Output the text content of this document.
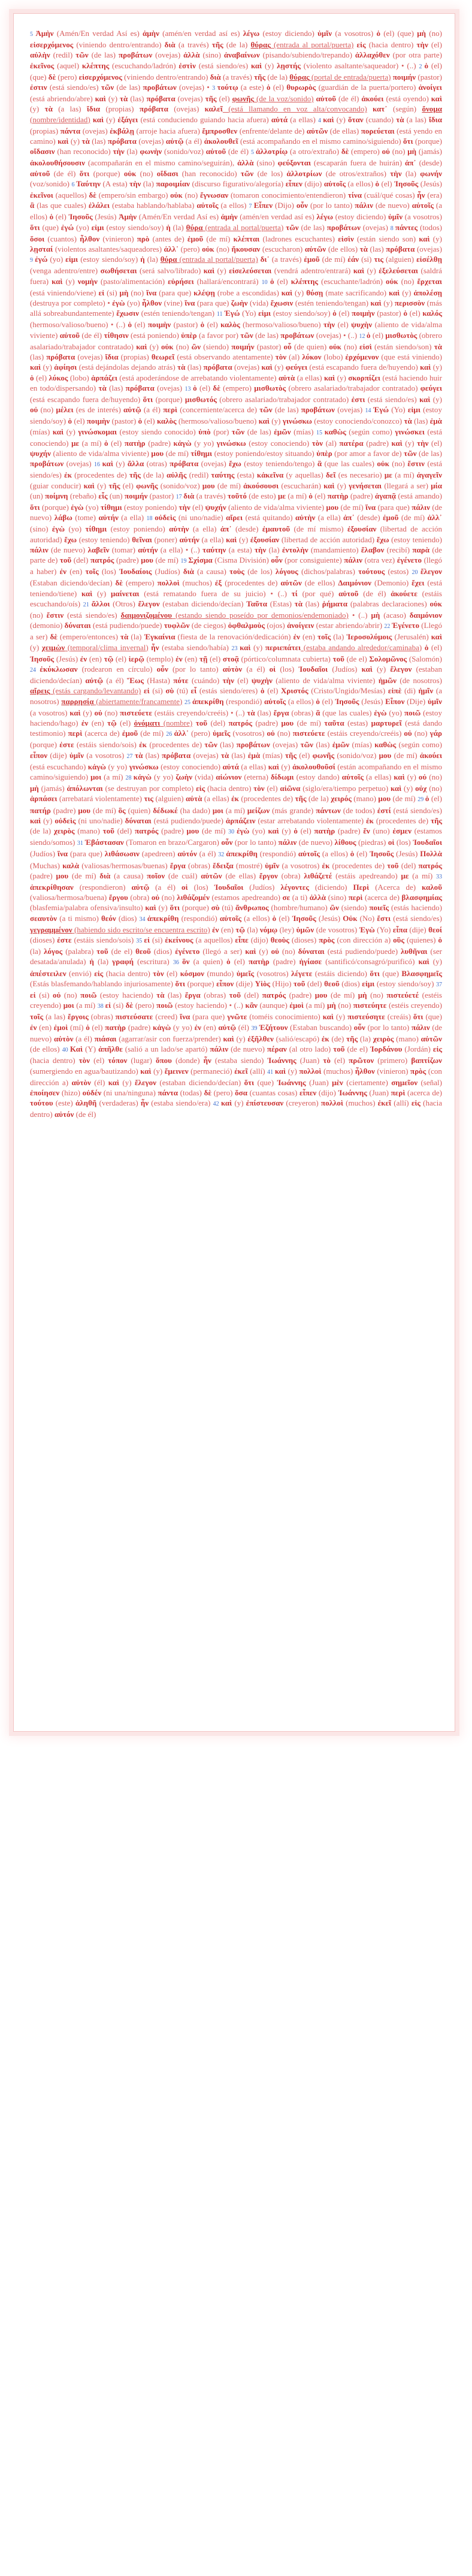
5 Ἀμὴν (Amén/En verdad Así es) ἀμὴν (amén/en verdad así es) λέγω (estoy diciendo) ὑμῖν (a vosotros) ὁ (el) (que) μὴ (no) εἰσερχόμενος (viniendo dentro/entrando) διὰ (a través) τῆς (de la) θύρας (entrada al portal/puerta) εἰς (hacia dentro) τὴν (el) αὐλὴν (redil) τῶν (de las) προβάτων (ovejas) ἀλλὰ (sino) ἀναβαίνων (pisando/subiendo/trepando) ἀλλαχόθεν (por otra parte) ἐκεῖνος (aquel) κλέπτης (escuchando/ladrón) ἐστὶν (está siendo/es) καὶ (y) λῃστής (violento asaltante/saqueador) • (..) 2 ὁ (el) (que) δὲ (pero) εἰσερχόμενος (viniendo dentro/entrando) διὰ (a través) τῆς (de la) θύρας (portal de entrada/puerta) ποιμήν (pastor) ἐστιν (está siendo/es) τῶν (de las) προβάτων (ovejas) • 3 τούτῳ (a este) ὁ (el) θυρωρὸς (guardián de la puerta/portero) ἀνοίγει (está abriendo/abre) καὶ (y) τὰ (las) πρόβατα (ovejas) τῆς (el) φωνῆς (de la voz/sonido) αὐτοῦ (de él) ἀκούει (está oyendo) καὶ (y) τὰ (a las) ἴδια (propias) πρόβατα (ovejas) καλεῖ (está llamando en voz alta/convocando) κατ᾽ (según) ὄνομα (nombre/identidad) καὶ (y) ἐξάγει (está conduciendo guiando hacia afuera) αὐτά (a ellas) 4 καὶ (y) ὅταν (cuando) τὰ (a las) ἴδια (propias) πάντα (ovejas) ἐκβάλῃ (arroje hacia afuera) ἔμπροσθεν (enfrente/delante de) αὐτῶν (de ellas) πορεύεται (está yendo en camino) καὶ (y) τὰ (las) πρόβατα (ovejas) αὐτῷ (a él) ἀκολουθεῖ (está acompañando en el mismo camino/siguiendo) ὅτι (porque) οἴδασιν (han reconocido) τὴν (la) φωνὴν (sonido/voz) αὐτοῦ (de él) 5 ἀλλοτρίῳ (a otro/extraño) δὲ (empero) οὐ (no) μὴ (jamás) ἀκολουθήσουσιν (acompañarán en el mismo camino/seguirán), ἀλλὰ (sino) φεύξονται (escaparán fuera de huirán) ἀπ᾽ (desde) αὐτοῦ (de él) ὅτι (porque) οὐκ (no) οἴδασι (han reconocido) τῶν (de los) ἀλλοτρίων (de otros/extraños) τὴν (la) φωνήν (voz/sonido) 6 Ταύτην (A esta) τὴν (la) παροιμίαν (discurso figurativo/alegoría) εἶπεν (dijo) αὐτοῖς (a ellos) ὁ (el) Ἰησοῦς (Jesús) ἐκεῖνοι (aquellos) δὲ (empero/sin embargo) οὐκ (no) ἔγνωσαν (tomaron conocimiento/entendieron) τίνα (cuál/qué cosas) ἦν (era) ἃ (las que cuales) ἐλάλει (estaba hablando/hablaba) αὐτοῖς (a ellos) 7 Εἶπεν (Dijo) οὖν (por lo tanto) πάλιν (de nuevo) αὐτοῖς (a ellos) ὁ (el) Ἰησοῦς (Jesús) Ἀμὴν (Amén/En verdad Así es) ἀμὴν (amén/en verdad así es) λέγω (estoy diciendo) ὑμῖν (a vosotros) ὅτι (que) ἐγώ (yo) εἰμι (estoy siendo/soy) ἡ (la) θύρα (entrada al portal/puerta) τῶν (de las) προβάτων (ovejas) 8 πάντες (todos) ὅσοι (cuantos) ἦλθον (vinieron) πρὸ (antes de) ἐμοῦ (de mí) κλέπται (ladrones escuchantes) εἰσὶν (están siendo son) καὶ (y) λῃσταί (violentos asaltantes/saqueadores) ἀλλ᾽ (pero) οὐκ (no) ἤκουσαν (escucharon) αὐτῶν (de ellos) τὰ (las) πρόβατα (ovejas) 9 ἐγώ (yo) εἰμι (estoy siendo/soy) ἡ (la) θύρα (entrada al portal/puerta) δι᾽ (a través) ἐμοῦ (de mí) ἐάν (si) τις (alguien) εἰσέλθῃ (venga adentro/entre) σωθήσεται (será salvo/librado) καὶ (y) εἰσελεύσεται (vendrá adentro/entrará) καὶ (y) ἐξελεύσεται (saldrá fuera) καὶ (y) νομὴν (pasto/alimentación) εὑρήσει (hallará/encontrará) 10 ὁ (el) κλέπτης (escuchante/ladrón) οὐκ (no) ἔρχεται (está viniendo/viene) εἰ (si) μὴ (no) ἵνα (para que) κλέψῃ (robe a escondidas) καὶ (y) θύσῃ (mate sacrificando) καὶ (y) ἀπολέσῃ (destruya por completo) • ἐγὼ (yo) ἦλθον (vine) ἵνα (para que) ζωὴν (vida) ἔχωσιν (estén teniendo/tengan) καὶ (y) περισσὸν (más allá sobreabundantemente) ἔχωσιν (estén teniendo/tengan) 11 Ἐγώ (Yo) εἰμι (estoy siendo/soy) ὁ (el) ποιμὴν (pastor) ὁ (el) καλός (hermoso/valioso/bueno) • (..) ὁ (el) ποιμὴν (pastor) ὁ (el) καλὸς (hermoso/valioso/bueno) τὴν (el) ψυχὴν (aliento de vida/alma viviente) αὐτοῦ (de él) τίθησιν (está poniendo) ὑπὲρ (a favor por) τῶν (de las) προβάτων (ovejas) • (..) 12 ὁ (el) μισθωτὸς (obrero asalariado/trabajador contratado) καὶ (y) οὐκ (no) ὢν (siendo) ποιμήν (pastor) οὗ (de quien) οὐκ (no) εἰσὶ (están siendo/son) τὰ (las) πρόβατα (ovejas) ἴδια (propias) θεωρεῖ (está observando atentamente) τὸν (al) λύκον (lobo) ἐρχόμενον (que está viniendo) καὶ (y) ἀφίησι (está dejándolas dejando atrás) τὰ (las) πρόβατα (ovejas) καὶ (y) φεύγει (está escapando fuera de/huyendo) καὶ (y) ὁ (el) λύκος (lobo) ἁρπάζει (está apoderándose de arrebatando violentamente) αὐτὰ (a ellas) καὶ (y) σκορπίζει (está haciendo huir en todo/dispersando) τὰ (las) πρόβατα (ovejas) 13 ὁ (el) δὲ (empero) μισθωτὸς (obrero asalariado/trabajador contratado) φεύγει (está escapando fuera de/huyendo) ὅτι (porque) μισθωτός (obrero asalariado/trabajador contratado) ἐστι (está siendo/es) καὶ (y) οὐ (no) μέλει (es de interés) αὐτῷ (a él) περὶ (concerniente/acerca de) τῶν (de las) προβάτων (ovejas) 14 Ἐγώ (Yo) εἰμι (estoy siendo/soy) ὁ (el) ποιμὴν (pastor) ὁ (el) καλὸς (hermoso/valioso/bueno) καὶ (y) γινώσκω (estoy conociendo/conozco) τὰ (las) ἐμὰ (mías) καὶ (y) γινώσκομαι (estoy siendo conocido) ὑπὸ (por) τῶν (de las) ἐμῶν (mías) 15 καθὼς (según como) γινώσκει (está conociendo) με (a mí) ὁ (el) πατὴρ (padre) κἀγὼ (y yo) γινώσκω (estoy conociendo) τὸν (al) πατέρα (padre) καὶ (y) τὴν (el) ψυχήν (aliento de vida/alma viviente) μου (de mí) τίθημι (estoy poniendo/estoy situando) ὑπὲρ (por amor a favor de) τῶν (de las) προβάτων (ovejas) 16 καὶ (y) ἄλλα (otras) πρόβατα (ovejas) ἔχω (estoy teniendo/tengo) ἃ (que las cuales) οὐκ (no) ἔστιν (está siendo/es) ἐκ (procedentes de) τῆς (de la) αὐλῆς (redil) ταύτης (esta) κἀκεῖνα (y aquellas) δεῖ (es necesario) με (a mí) ἀγαγεῖν (guiar conducir) καὶ (y) τῆς (el) φωνῆς (sonido/voz) μου (de mí) ἀκούσουσι (escucharán) καὶ (y) γενήσεται (llegará a ser) μία (un) ποίμνη (rebaño) εἷς (un) ποιμήν (pastor) 17 διὰ (a través) τοῦτό (de esto) με (a mí) ὁ (el) πατὴρ (padre) ἀγαπᾷ (está amando) ὅτι (porque) ἐγὼ (yo) τίθημι (estoy poniendo) τὴν (el) ψυχήν (aliento de vida/alma viviente) μου (de mí) ἵνα (para que) πάλιν (de nuevo) λάβω (tome) αὐτήν (a ella) 18 οὐδεὶς (ni uno/nadie) αἴρει (está quitando) αὐτὴν (a ella) ἀπ᾽ (desde) ἐμοῦ (de mí) ἀλλ᾽ (sino) ἐγὼ (yo) τίθημι (estoy poniendo) αὐτὴν (a ella) ἀπ᾽ (desde) ἐμαυτοῦ (de mí mismo) ἐξουσίαν (libertad de acción autoridad) ἔχω (estoy teniendo) θεῖναι (poner) αὐτήν (a ella) καὶ (y) ἐξουσίαν (libertad de acción autoridad) ἔχω (estoy teniendo) πάλιν (de nuevo) λαβεῖν (tomar) αὐτήν (a ella) • (..) ταύτην (a esta) τὴν (la) ἐντολὴν (mandamiento) ἔλαβον (recibí) παρὰ (de parte de) τοῦ (del) πατρός (padre) μου (de mí) 19 Σχίσμα (Cisma División) οὖν (por consiguiente) πάλιν (otra vez) ἐγένετο (llegó a haber) ἐν (en) τοῖς (los) Ἰουδαίοις (Judíos) διὰ (a causa) τοὺς (de los) λόγους (dichos/palabras) τούτους (estos) 20 ἔλεγον (Estaban diciendo/decían) δὲ (empero) πολλοὶ (muchos) ἐξ (procedentes de) αὐτῶν (de ellos) Δαιμόνιον (Demonio) ἔχει (está teniendo/tiene) καὶ (y) μαίνεται (está rematando fuera de su juicio) • (..) τί (por qué) αὐτοῦ (de él) ἀκούετε (estáis escuchando/oís) 21 ἄλλοι (Otros) ἔλεγον (estaban diciendo/decían) Ταῦτα (Estas) τὰ (las) ῥήματα (palabras declaraciones) οὐκ (no) ἔστιν (está siendo/es) δαιμονιζομένου (estando siendo poseído por demonios/endemoniado) • (..) μὴ (acaso) δαιμόνιον (demonio) δύναται (está pudiendo/puede) τυφλῶν (de ciegos) ὀφθαλμοὺς (ojos) ἀνοίγειν (estar abriendo/abrir) 22 Ἐγένετο (Llegó a ser) δὲ (empero/entonces) τὰ (la) Ἐγκαίνια (fiesta de la renovación/dedicación) ἐν (en) τοῖς (la) Ἱεροσολύμοις (Jerusalén) καὶ (y) χειμὼν (temporal/clima invernal) ἦν (estaba siendo/había) 23 καὶ (y) περιεπάτει (estaba andando alrededor/caminaba) ὁ (el) Ἰησοῦς (Jesús) ἐν (en) τῷ (el) ἱερῷ (templo) ἐν (en) τῇ (el) στοᾷ (pórtico/columnata cubierta) τοῦ (de el) Σολομῶνος (Salomón) 24 ἐκύκλωσαν (rodearon en círculo) οὖν (por lo tanto) αὐτὸν (a él) οἱ (los) Ἰουδαῖοι (Judíos) καὶ (y) ἔλεγον (estaban diciendo/decían) αὐτῷ (a él) Ἕως (Hasta) πότε (cuándo) τὴν (el) ψυχὴν (aliento de vida/alma viviente) ἡμῶν (de nosotros) αἴρεις (estás cargando/levantando) εἰ (si) σὺ (tú) εἶ (estás siendo/eres) ὁ (el) Χριστός (Cristo/Ungido/Mesías) εἰπὲ (di) ἡμῖν (a nosotros) παρρησίᾳ (abiertamente/francamente) 25 ἀπεκρίθη (respondió) αὐτοῖς (a ellos) ὁ (el) Ἰησοῦς (Jesús) Εἶπον (Dije) ὑμῖν (a vosotros) καὶ (y) οὐ (no) πιστεύετε (estáis creyendo/creéis) • (..) τὰ (las) ἔργα (obras) ἃ (que las cuales) ἐγὼ (yo) ποιῶ (estoy haciendo/hago) ἐν (en) τῷ (el) ὀνόματι (nombre) τοῦ (del) πατρός (padre) μου (de mí) ταῦτα (estas) μαρτυρεῖ (está dando testimonio) περὶ (acerca de) ἐμοῦ (de mí) 26 ἀλλ᾽ (pero) ὑμεῖς (vosotros) οὐ (no) πιστεύετε (estáis creyendo/creéis) οὐ (no) γάρ (porque) ἐστε (estáis siendo/sois) ἐκ (procedentes de) τῶν (las) προβάτων (ovejas) τῶν (las) ἐμῶν (mías) καθὼς (según como) εἶπον (dije) ὑμῖν (a vosotros) 27 τὰ (las) πρόβατα (ovejas) τὰ (las) ἐμὰ (mías) τῆς (el) φωνῆς (sonido/voz) μου (de mí) ἀκούει (está escuchando) κἀγὼ (y yo) γινώσκω (estoy conociendo) αὐτά (a ellas) καὶ (y) ἀκολουθοῦσί (están acompañando en el mismo camino/siguiendo) μοι (a mí) 28 κἀγὼ (y yo) ζωὴν (vida) αἰώνιον (eterna) δίδωμι (estoy dando) αὐτοῖς (a ellas) καὶ (y) οὐ (no) μὴ (jamás) ἀπόλωνται (se destruyan por completo) εἰς (hacia dentro) τὸν (el) αἰῶνα (siglo/era/tiempo perpetuo) καὶ (y) οὐχ (no) ἁρπάσει (arrebatará violentamente) τις (alguien) αὐτὰ (a ellas) ἐκ (procedentes de) τῆς (de la) χειρός (mano) μου (de mí) 29 ὁ (el) πατήρ (padre) μου (de mí) ὃς (quien) δέδωκέ (ha dado) μοι (a mí) μείζων (más grande) πάντων (de todos) ἐστί (está siendo/es) καὶ (y) οὐδεὶς (ni uno/nadie) δύναται (está pudiendo/puede) ἁρπάζειν (estar arrebatando violentamente) ἐκ (procedentes de) τῆς (de la) χειρὸς (mano) τοῦ (del) πατρός (padre) μου (de mí) 30 ἐγὼ (yo) καὶ (y) ὁ (el) πατὴρ (padre) ἕν (uno) ἐσμεν (estamos siendo/somos) 31 Ἐβάστασαν (Tomaron en brazo/Cargaron) οὖν (por lo tanto) πάλιν (de nuevo) λίθους (piedras) οἱ (los) Ἰουδαῖοι (Judíos) ἵνα (para que) λιθάσωσιν (apedreen) αὐτόν (a él) 32 ἀπεκρίθη (respondió) αὐτοῖς (a ellos) ὁ (el) Ἰησοῦς (Jesús) Πολλὰ (Muchas) καλὰ (valiosas/hermosas/buenas) ἔργα (obras) ἔδειξα (mostré) ὑμῖν (a vosotros) ἐκ (procedentes de) τοῦ (del) πατρός (padre) μου (de mí) διὰ (a causa) ποῖον (de cuál) αὐτῶν (de ellas) ἔργον (obra) λιθάζετέ (estáis apedreando) με (a mí) 33 ἀπεκρίθησαν (respondieron) αὐτῷ (a él) οἱ (los) Ἰουδαῖοι (Judíos) λέγοντες (diciendo) Περὶ (Acerca de) καλοῦ (valiosa/hermosa/buena) ἔργου (obra) οὐ (no) λιθάζομέν (estamos apedreando) σε (a ti) ἀλλὰ (sino) περὶ (acerca de) βλασφημίας (blasfemia/palabra ofensiva/insulto) καὶ (y) ὅτι (porque) σὺ (tú) ἄνθρωπος (hombre/humano) ὢν (siendo) ποιεῖς (estás haciendo) σεαυτὸν (a ti mismo) θεόν (dios) 34 ἀπεκρίθη (respondió) αὐτοῖς (a ellos) ὁ (el) Ἰησοῦς (Jesús) Οὐκ (No) ἔστι (está siendo/es) γεγραμμένον (habiendo sido escrito/se encuentra escrito) ἐν (en) τῷ (la) νόμῳ (ley) ὑμῶν (de vosotros) Ἐγὼ (Yo) εἶπα (dije) θεοί (dioses) ἐστε (estáis siendo/sois) 35 εἰ (si) ἐκείνους (a aquellos) εἶπε (dijo) θεοὺς (dioses) πρὸς (con dirección a) οὓς (quienes) ὁ (la) λόγος (palabra) τοῦ (de el) θεοῦ (dios) ἐγένετο (llegó a ser) καὶ (y) οὐ (no) δύναται (está pudiendo/puede) λυθῆναι (ser desatada/anulada) ἡ (la) γραφή (escritura) 36 ὃν (a quien) ὁ (el) πατὴρ (padre) ἡγίασε (santificó/consagró/purificó) καὶ (y) ἀπέστειλεν (envió) εἰς (hacia dentro) τὸν (el) κόσμον (mundo) ὑμεῖς (vosotros) λέγετε (estáis diciendo) ὅτι (que) Βλασφημεῖς (Estás blasfemando/hablando injuriosamente) ὅτι (porque) εἶπον (dije) Υἱὸς (Hijo) τοῦ (del) θεοῦ (dios) εἰμι (estoy siendo/soy) 37 εἰ (si) οὐ (no) ποιῶ (estoy haciendo) τὰ (las) ἔργα (obras) τοῦ (del) πατρός (padre) μου (de mí) μὴ (no) πιστεύετέ (estéis creyendo) μοι (a mí) 38 εἰ (si) δὲ (pero) ποιῶ (estoy haciendo) • (..) κἂν (aunque) ἐμοὶ (a mí) μὴ (no) πιστεύητε (estéis creyendo) τοῖς (a las) ἔργοις (obras) πιστεύσατε (creed) ἵνα (para que) γνῶτε (toméis conocimiento) καὶ (y) πιστεύσητε (creáis) ὅτι (que) ἐν (en) ἐμοὶ (mí) ὁ (el) πατὴρ (padre) κἀγὼ (y yo) ἐν (en) αὐτῷ (él) 39 Ἐζήτουν (Estaban buscando) οὖν (por lo tanto) πάλιν (de nuevo) αὐτὸν (a él) πιάσαι (agarrar/asir con fuerza/prender) καὶ (y) ἐξῆλθεν (salió/escapó) ἐκ (de) τῆς (la) χειρὸς (mano) αὐτῶν (de ellos) 40 Καὶ (Y) ἀπῆλθε (salió a un lado/se apartó) πάλιν (de nuevo) πέραν (al otro lado) τοῦ (de el) Ἰορδάνου (Jordán) εἰς (hacia dentro) τὸν (el) τόπον (lugar) ὅπου (donde) ἦν (estaba siendo) Ἰωάννης (Juan) τὸ (el) πρῶτον (primero) βαπτίζων (sumergiendo en agua/bautizando) καὶ (y) ἔμεινεν (permaneció) ἐκεῖ (allí) 41 καὶ (y) πολλοὶ (muchos) ἦλθον (vinieron) πρὸς (con dirección a) αὐτὸν (él) καὶ (y) ἔλεγον (estaban diciendo/decían) ὅτι (que) Ἰωάννης (Juan) μὲν (ciertamente) σημεῖον (señal) ἐποίησεν (hizo) οὐδέν (ni una/ninguna) πάντα (todas) δὲ (pero) ὅσα (cuantas cosas) εἶπεν (dijo) Ἰωάννης (Juan) περὶ (acerca de) τούτου (este) ἀληθῆ (verdaderas) ἦν (estaba siendo/era) 42 καὶ (y) ἐπίστευσαν (creyeron) πολλοὶ (muchos) ἐκεῖ (allí) εἰς (hacia dentro) αὐτόν (de él)
